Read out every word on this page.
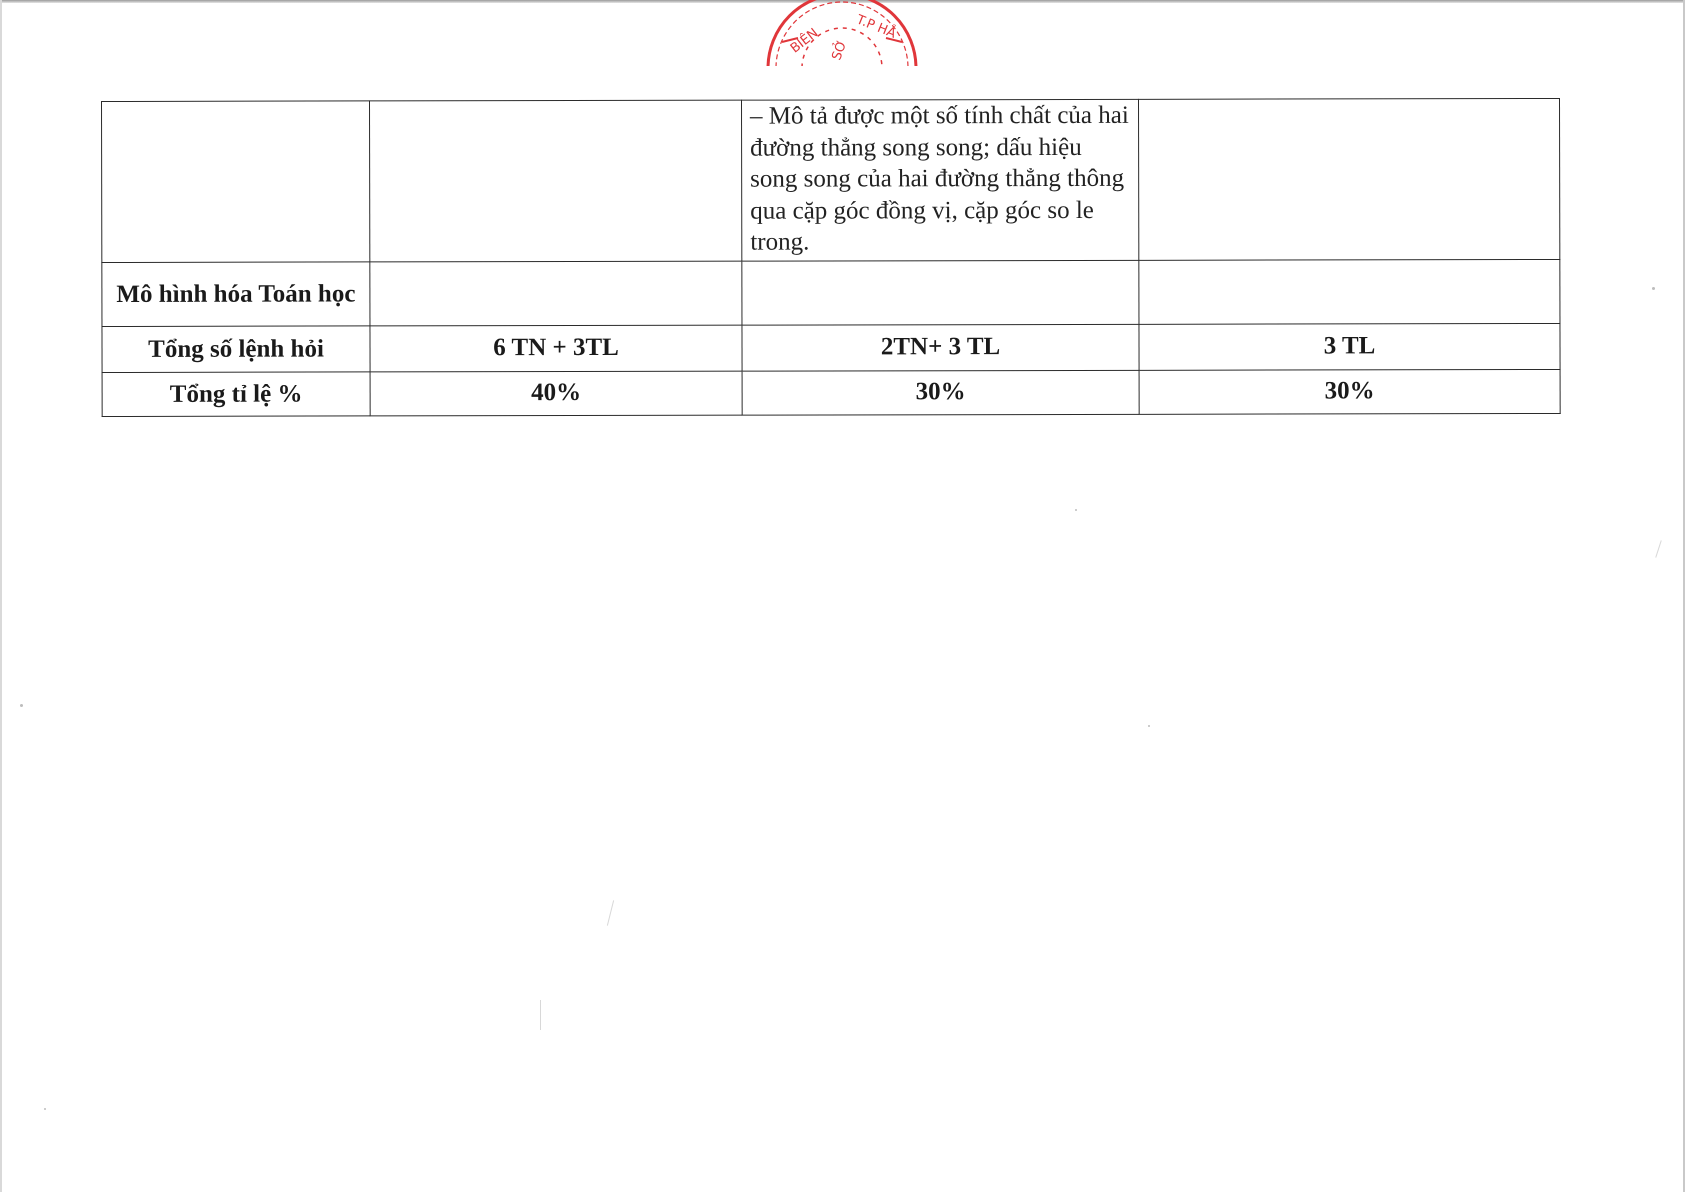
BIÊN	T.P HẢ
SỞ
		– Mô tả được một số tính chất của hai đường thẳng song song; dấu hiệu song song của hai đường thẳng thông qua cặp góc đồng vị, cặp góc so le trong.	
Mô hình hóa Toán học			
Tổng số lệnh hỏi	6 TN + 3TL	2TN+ 3 TL	3 TL
Tổng tỉ lệ %	40%	30%	30%
